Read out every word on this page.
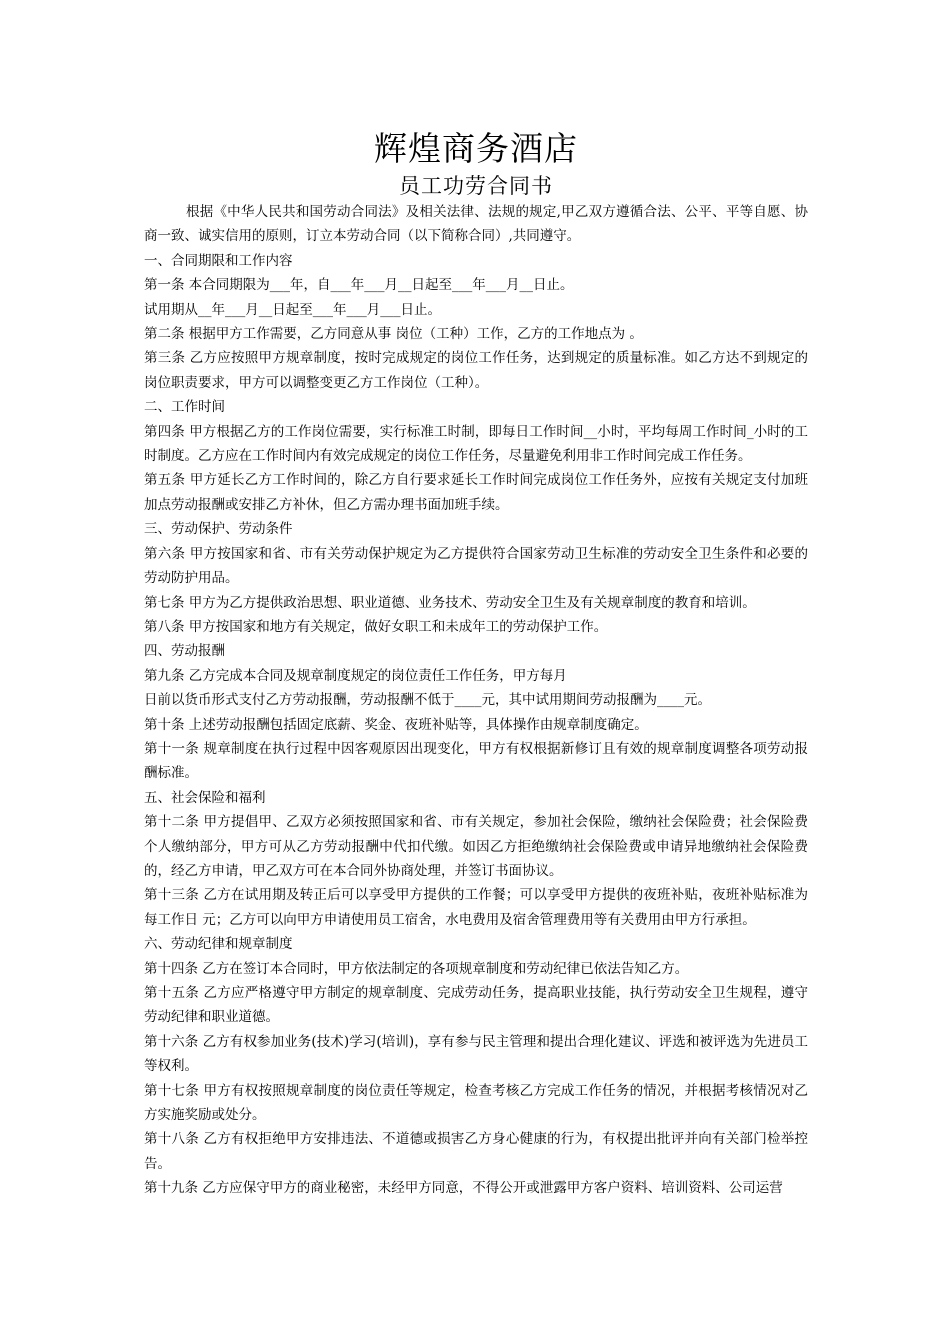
辉煌商务酒店
员工功劳合同书

根据《中华人民共和国劳动合同法》及相关法律、法规的规定,甲乙双方遵循合法、公平、平等自愿、协商一致、诚实信用的原则，订立本劳动合同（以下简称合同）,共同遵守。

一、合同期限和工作内容

第一条 本合同期限为___年，自___年___月__日起至___年___月__日止。

试用期从__年___月__日起至___年___月___日止。

第二条 根据甲方工作需要，乙方同意从事 岗位（工种）工作，乙方的工作地点为 。

第三条 乙方应按照甲方规章制度，按时完成规定的岗位工作任务，达到规定的质量标准。如乙方达不到规定的岗位职责要求，甲方可以调整变更乙方工作岗位（工种）。

二、工作时间

第四条 甲方根据乙方的工作岗位需要，实行标准工时制，即每日工作时间__小时，平均每周工作时间_小时的工时制度。乙方应在工作时间内有效完成规定的岗位工作任务，尽量避免利用非工作时间完成工作任务。

第五条 甲方延长乙方工作时间的，除乙方自行要求延长工作时间完成岗位工作任务外，应按有关规定支付加班加点劳动报酬或安排乙方补休，但乙方需办理书面加班手续。

三、劳动保护、劳动条件

第六条 甲方按国家和省、市有关劳动保护规定为乙方提供符合国家劳动卫生标准的劳动安全卫生条件和必要的劳动防护用品。

第七条 甲方为乙方提供政治思想、职业道德、业务技术、劳动安全卫生及有关规章制度的教育和培训。

第八条 甲方按国家和地方有关规定，做好女职工和未成年工的劳动保护工作。

四、劳动报酬

第九条 乙方完成本合同及规章制度规定的岗位责任工作任务，甲方每月

日前以货币形式支付乙方劳动报酬，劳动报酬不低于____元，其中试用期间劳动报酬为____元。

第十条 上述劳动报酬包括固定底薪、奖金、夜班补贴等，具体操作由规章制度确定。

第十一条 规章制度在执行过程中因客观原因出现变化，甲方有权根据新修订且有效的规章制度调整各项劳动报酬标准。

五、社会保险和福利

第十二条 甲方提倡甲、乙双方必须按照国家和省、市有关规定，参加社会保险，缴纳社会保险费；社会保险费个人缴纳部分，甲方可从乙方劳动报酬中代扣代缴。如因乙方拒绝缴纳社会保险费或申请异地缴纳社会保险费的，经乙方申请，甲乙双方可在本合同外协商处理，并签订书面协议。

第十三条 乙方在试用期及转正后可以享受甲方提供的工作餐；可以享受甲方提供的夜班补贴，夜班补贴标准为每工作日 元；乙方可以向甲方申请使用员工宿舍，水电费用及宿舍管理费用等有关费用由甲方行承担。

六、劳动纪律和规章制度

第十四条 乙方在签订本合同时，甲方依法制定的各项规章制度和劳动纪律已依法告知乙方。

第十五条 乙方应严格遵守甲方制定的规章制度、完成劳动任务，提高职业技能，执行劳动安全卫生规程，遵守劳动纪律和职业道德。

第十六条 乙方有权参加业务(技术)学习(培训)，享有参与民主管理和提出合理化建议、评选和被评选为先进员工等权利。

第十七条 甲方有权按照规章制度的岗位责任等规定，检查考核乙方完成工作任务的情况，并根据考核情况对乙方实施奖励或处分。

第十八条 乙方有权拒绝甲方安排违法、不道德或损害乙方身心健康的行为，有权提出批评并向有关部门检举控告。

第十九条 乙方应保守甲方的商业秘密，未经甲方同意，不得公开或泄露甲方客户资料、培训资料、公司运营
